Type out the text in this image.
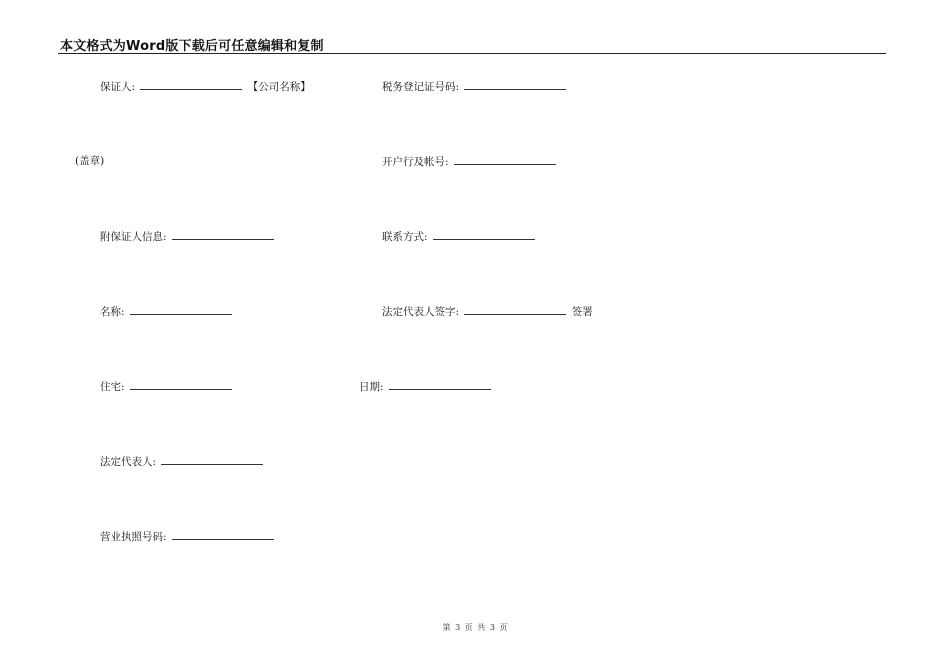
本文格式为Word版下载后可任意编辑和复制
保证人:	【公司名称】	税务登记证号码:
(盖章)	开户行及帐号:
附保证人信息:	联系方式:
名称:	法定代表人签字:	签署
住宅:	日期:
法定代表人:
营业执照号码:
第 3 页 共 3 页
